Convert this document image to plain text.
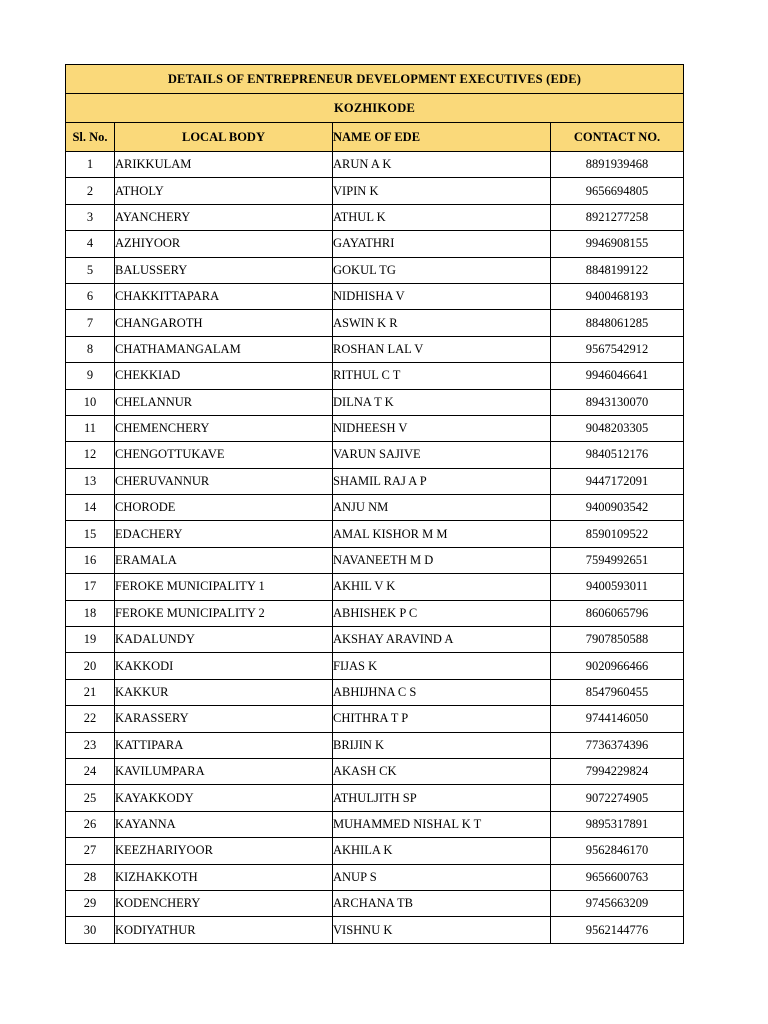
DETAILS OF ENTREPRENEUR DEVELOPMENT EXECUTIVES (EDE)			
KOZHIKODE			
Sl. No.	LOCAL BODY	NAME OF EDE	CONTACT NO.
1	ARIKKULAM	ARUN A K	8891939468
2	ATHOLY	VIPIN K	9656694805
3	AYANCHERY	ATHUL K	8921277258
4	AZHIYOOR	GAYATHRI	9946908155
5	BALUSSERY	GOKUL TG	8848199122
6	CHAKKITTAPARA	NIDHISHA V	9400468193
7	CHANGAROTH	ASWIN K R	8848061285
8	CHATHAMANGALAM	ROSHAN LAL V	9567542912
9	CHEKKIAD	RITHUL C T	9946046641
10	CHELANNUR	DILNA T K	8943130070
11	CHEMENCHERY	NIDHEESH V	9048203305
12	CHENGOTTUKAVE	VARUN SAJIVE	9840512176
13	CHERUVANNUR	SHAMIL RAJ A P	9447172091
14	CHORODE	ANJU NM	9400903542
15	EDACHERY	AMAL KISHOR M M	8590109522
16	ERAMALA	NAVANEETH M D	7594992651
17	FEROKE MUNICIPALITY 1	AKHIL V K	9400593011
18	FEROKE MUNICIPALITY 2	ABHISHEK P C	8606065796
19	KADALUNDY	AKSHAY ARAVIND A	7907850588
20	KAKKODI	FIJAS K	9020966466
21	KAKKUR	ABHIJHNA C S	8547960455
22	KARASSERY	CHITHRA T P	9744146050
23	KATTIPARA	BRIJIN K	7736374396
24	KAVILUMPARA	AKASH CK	7994229824
25	KAYAKKODY	ATHULJITH SP	9072274905
26	KAYANNA	MUHAMMED NISHAL K T	9895317891
27	KEEZHARIYOOR	AKHILA K	9562846170
28	KIZHAKKOTH	ANUP S	9656600763
29	KODENCHERY	ARCHANA TB	9745663209
30	KODIYATHUR	VISHNU K	9562144776
